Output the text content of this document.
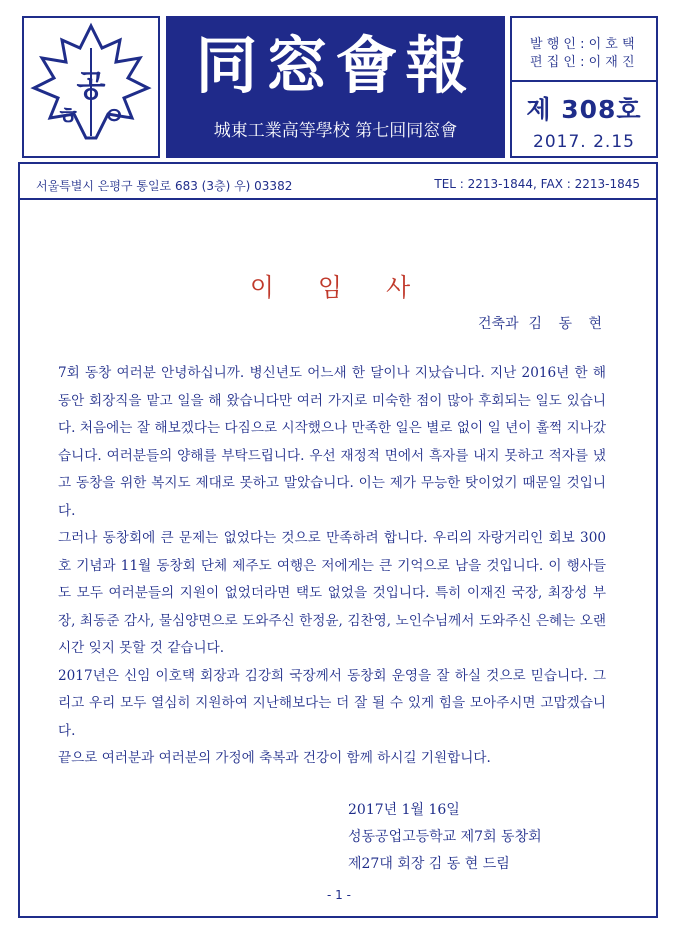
공
ㅎ ㅇ
同窓會報
城東工業高等學校 第七回同窓會
발 행 인 : 이 호 택
편 집 인 : 이 재 진
제 308호
2017. 2.15
서울특별시 은평구 통일로 683 (3층) 우) 03382	TEL : 2213-1844, FAX : 2213-1845
이 임 사
건축과 김 동 현
7회 동창 여러분 안녕하십니까. 병신년도 어느새 한 달이나 지났습니다. 지난 2016년 한 해 동안 회장직을 맡고 일을 해 왔습니다만 여러 가지로 미숙한 점이 많아 후회되는 일도 있습니다. 처음에는 잘 해보겠다는 다짐으로 시작했으나 만족한 일은 별로 없이 일 년이 훌쩍 지나갔습니다. 여러분들의 양해를 부탁드립니다. 우선 재정적 면에서 흑자를 내지 못하고 적자를 냈고 동창을 위한 복지도 제대로 못하고 말았습니다. 이는 제가 무능한 탓이었기 때문일 것입니다.
그러나 동창회에 큰 문제는 없었다는 것으로 만족하려 합니다. 우리의 자랑거리인 회보 300호 기념과 11월 동창회 단체 제주도 여행은 저에게는 큰 기억으로 남을 것입니다. 이 행사들도 모두 여러분들의 지원이 없었더라면 택도 없었을 것입니다. 특히 이재진 국장, 최장성 부장, 최동준 감사, 물심양면으로 도와주신 한정윤, 김찬영, 노인수님께서 도와주신 은혜는 오랜 시간 잊지 못할 것 같습니다.
2017년은 신임 이호택 회장과 김강희 국장께서 동창회 운영을 잘 하실 것으로 믿습니다. 그리고 우리 모두 열심히 지원하여 지난해보다는 더 잘 될 수 있게 힘을 모아주시면 고맙겠습니다.
끝으로 여러분과 여러분의 가정에 축복과 건강이 함께 하시길 기원합니다.
2017년 1월 16일
성동공업고등학교 제7회 동창회
제27대 회장 김 동 현 드림
- 1 -
